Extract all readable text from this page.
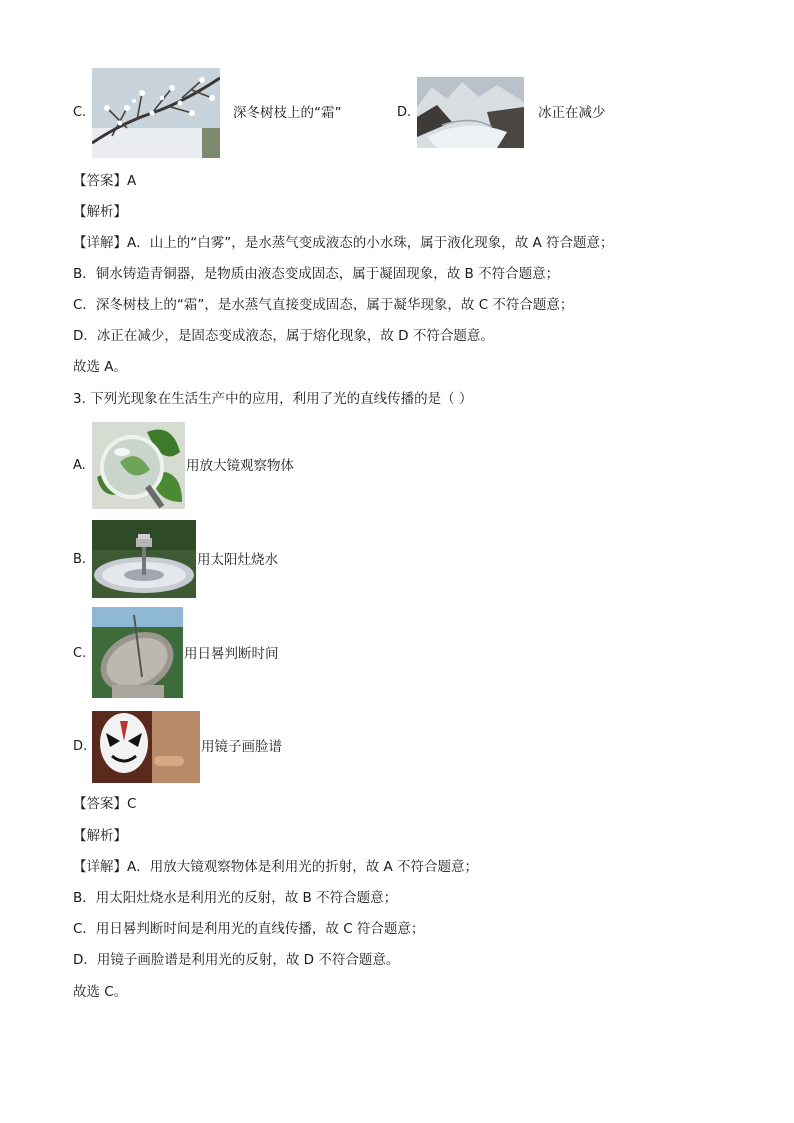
C.	深冬树枝上的“霜”	D.	冰正在减少
【答案】A
【解析】
【详解】A．山上的“白雾”，是水蒸气变成液态的小水珠，属于液化现象，故 A 符合题意；
B．铜水铸造青铜器，是物质由液态变成固态，属于凝固现象，故 B 不符合题意；
C．深冬树枝上的“霜”，是水蒸气直接变成固态，属于凝华现象，故 C 不符合题意；
D．冰正在减少，是固态变成液态，属于熔化现象，故 D 不符合题意。
故选 A。
3. 下列光现象在生活生产中的应用，利用了光的直线传播的是（ ）
A.	用放大镜观察物体
B.	用太阳灶烧水
C.	用日晷判断时间
D.	用镜子画脸谱
【答案】C
【解析】
【详解】A．用放大镜观察物体是利用光的折射，故 A 不符合题意；
B．用太阳灶烧水是利用光的反射，故 B 不符合题意；
C．用日晷判断时间是利用光的直线传播，故 C 符合题意；
D．用镜子画脸谱是利用光的反射，故 D 不符合题意。
故选 C。
